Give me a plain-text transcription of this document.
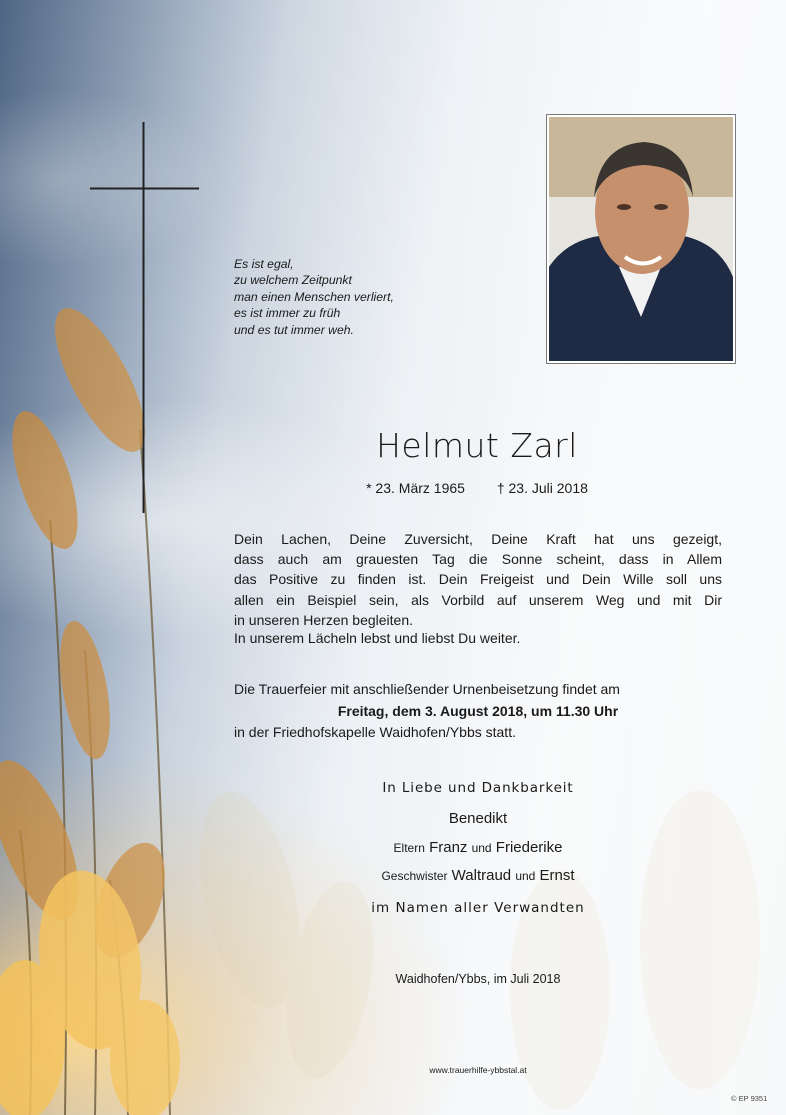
Es ist egal,
zu welchem Zeitpunkt
man einen Menschen verliert,
es ist immer zu früh
und es tut immer weh.
Helmut Zarl
* 23. März 1965 † 23. Juli 2018
Dein Lachen, Deine Zuversicht, Deine Kraft hat uns gezeigt,
dass auch am grauesten Tag die Sonne scheint, dass in Allem
das Positive zu finden ist. Dein Freigeist und Dein Wille soll uns
allen ein Beispiel sein, als Vorbild auf unserem Weg und mit Dir
in unseren Herzen begleiten.
In unserem Lächeln lebst und liebst Du weiter.
Die Trauerfeier mit anschließender Urnenbeisetzung findet am
Freitag, dem 3. August 2018, um 11.30 Uhr
in der Friedhofskapelle Waidhofen/Ybbs statt.
In Liebe und Dankbarkeit
Benedikt
Eltern Franz und Friederike
Geschwister Waltraud und Ernst
im Namen aller Verwandten
Waidhofen/Ybbs, im Juli 2018
www.trauerhilfe-ybbstal.at
© EP 9351
